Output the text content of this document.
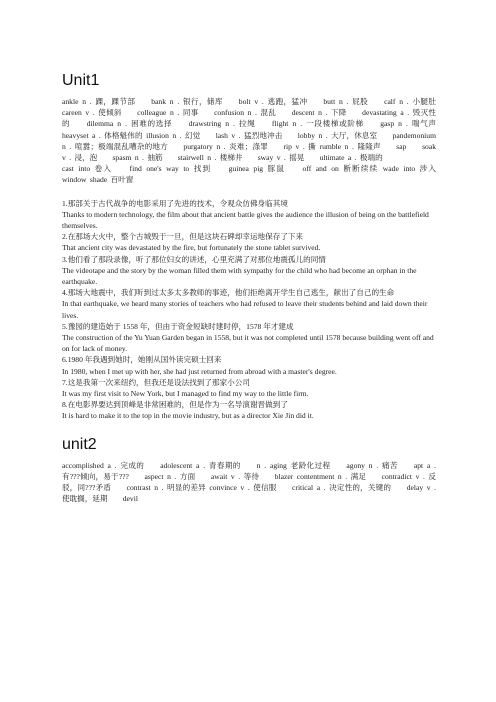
Unit1

ankle n . 踝，踝节部　　bank n . 银行，储库　　bolt v . 逃跑，猛冲　　butt n . 屁股　　calf n . 小腿肚　　careen v . 使倾斜　　colleague n . 同事　　confusion n . 混乱　　descent n . 下降　　devastating a . 毁灭性的　　dilemma n . 困难的选择　　drawstring n . 拉绳　　flight n . 一段楼梯或阶梯　　gasp n . 喘气声　　heavyset a . 体格魁伟的 illusion n . 幻觉　　lash v . 猛烈地冲击　　lobby n . 大厅，休息室　　pandemonium n . 喧嚣；极端混乱嘈杂的地方　　purgatory n . 炎难；涤罪　　rip v . 撕 rumble n . 隆隆声　　sap　　soak v . 浸，泡　　spasm n . 抽筋　　stairwell n . 楼梯井　　sway v . 摇晃　　ultimate a . 极端的

cast into 卷入　　find one's way to 找到　　guinea pig 豚鼠　　off and on 断断续续 wade into 涉入　　window shade 百叶窗

1.那部关于古代战争的电影采用了先进的技术，令观众仿佛身临其境
Thanks to modern technology, the film about that ancient battle gives the audience the illusion of being on the battlefield themselves.

2.在那场大火中，整个古城毁于一旦，但是这块石碑却幸运地保存了下来
That ancient city was devastated by the fire, but fortunately the stone tablet survived.

3.他们看了那段录像，听了那位妇女的讲述，心里充满了对那位地震孤儿的同情
The videotape and the story by the woman filled them with sympathy for the child who had become an orphan in the earthquake.

4.那场大地震中，我们听到过太多太多教师的事迹，他们拒绝离开学生自己逃生，献出了自己的生命
In that earthquake, we heard many stories of teachers who had refused to leave their students behind and laid down their lives.

5.豫园的建造始于 1558 年，但由于资金短缺时建时停，1578 年才建成
The construction of the Yu Yuan Garden began in 1558, but it was not completed until 1578 because building went off and on for lack of money.

6.1980 年我遇到她时，她刚从国外读完硕士回来
In 1980, when I met up with her, she had just returned from abroad with a master's degree.

7.这是我第一次来纽约，但我还是设法找到了那家小公司
It was my first visit to New York, but I managed to find my way to the little firm.

8.在电影界要达到顶峰是非常困难的，但是作为一名导演谢晋做到了
It is hard to make it to the top in the movie industry, but as a director Xie Jin did it.

unit2

accomplished a . 完成的　　adolescent a . 青春期的　　n . aging 老龄化过程　　agony n . 痛苦　　apt a . 有???倾向，易于???　　aspect n . 方面　　await v . 等待　　blazer contentment n . 满足　　contradict v . 反驳，同???矛盾　　contrast n . 明显的差异 convince v . 使信服　　critical a . 决定性的，关键的　　delay v . 使耽搁，延期　　devil
